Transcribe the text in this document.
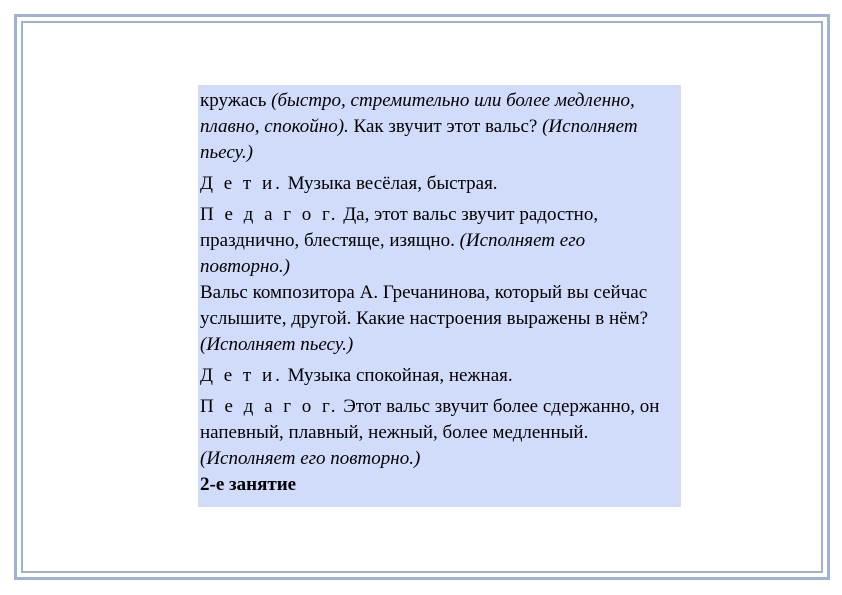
кружась (быстро, стремительно или более медленно, плавно, спокойно). Как звучит этот вальс? (Исполняет пьесу.)

Д е т и. Музыка весёлая, быстрая.

П е д а г о г. Да, этот вальс звучит радостно, празднично, блестяще, изящно. (Исполняет его повторно.)

Вальс композитора А. Гречанинова, который вы сейчас услышите, другой. Какие настроения выражены в нём? (Исполняет пьесу.)

Д е т и. Музыка спокойная, нежная.

П е д а г о г. Этот вальс звучит более сдержанно, он напевный, плавный, нежный, более медленный. (Исполняет его повторно.)

2-е занятие
